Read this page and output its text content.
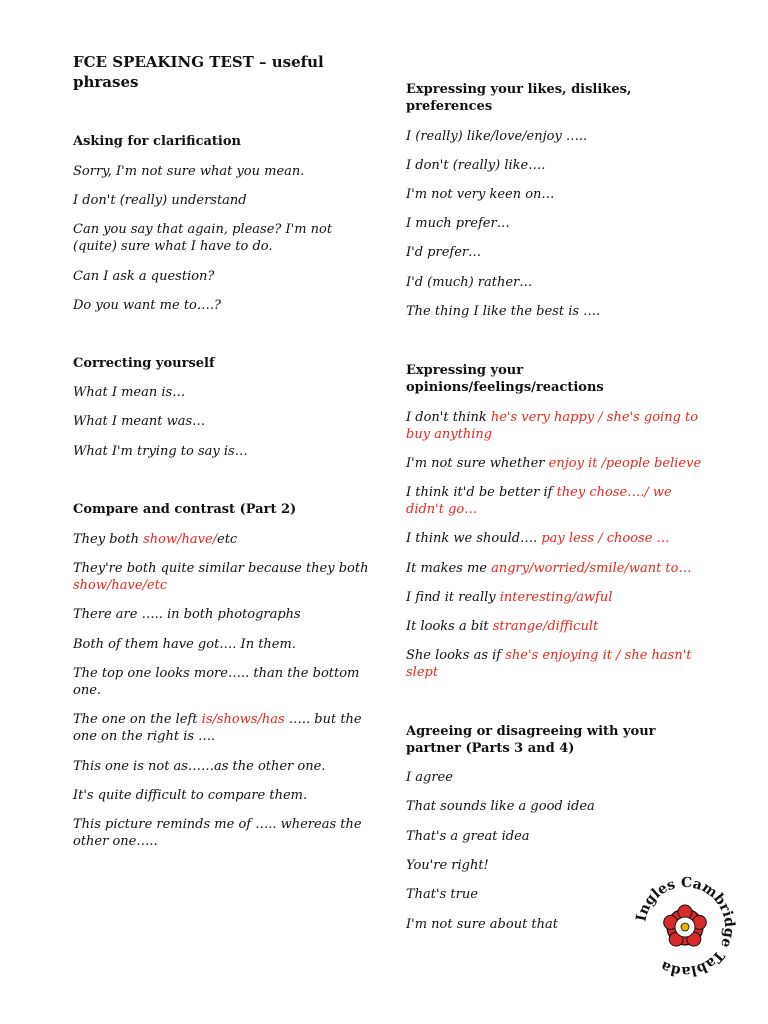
FCE SPEAKING TEST – useful phrases
Asking for clarification

Sorry, I'm not sure what you mean.

I don't (really) understand

Can you say that again, please? I'm not (quite) sure what I have to do.

Can I ask a question?

Do you want me to….?

Correcting yourself

What I mean is…

What I meant was…

What I'm trying to say is…

Compare and contrast (Part 2)

They both show/have/etc

They're both quite similar because they both show/have/etc

There are ….. in both photographs

Both of them have got…. In them.

The top one looks more….. than the bottom one.

The one on the left is/shows/has ….. but the one on the right is ….

This one is not as……as the other one.

It's quite difficult to compare them.

This picture reminds me of ….. whereas the other one…..

Expressing your likes, dislikes, preferences

I (really) like/love/enjoy …..

I don't (really) like….

I'm not very keen on…

I much prefer…

I'd prefer…

I'd (much) rather…

The thing I like the best is ….

Expressing your opinions/feelings/reactions

I don't think he's very happy / she's going to buy anything

I'm not sure whether enjoy it /people believe

I think it'd be better if they chose…./ we didn't go…

I think we should…. pay less / choose …

It makes me angry/worried/smile/want to…

I find it really interesting/awful

It looks a bit strange/difficult

She looks as if she's enjoying it / she hasn't slept

Agreeing or disagreeing with your partner (Parts 3 and 4)

I agree

That sounds like a good idea

That's a great idea

You're right!

That's true

I'm not sure about that	Ingles Cambridge Tablada
